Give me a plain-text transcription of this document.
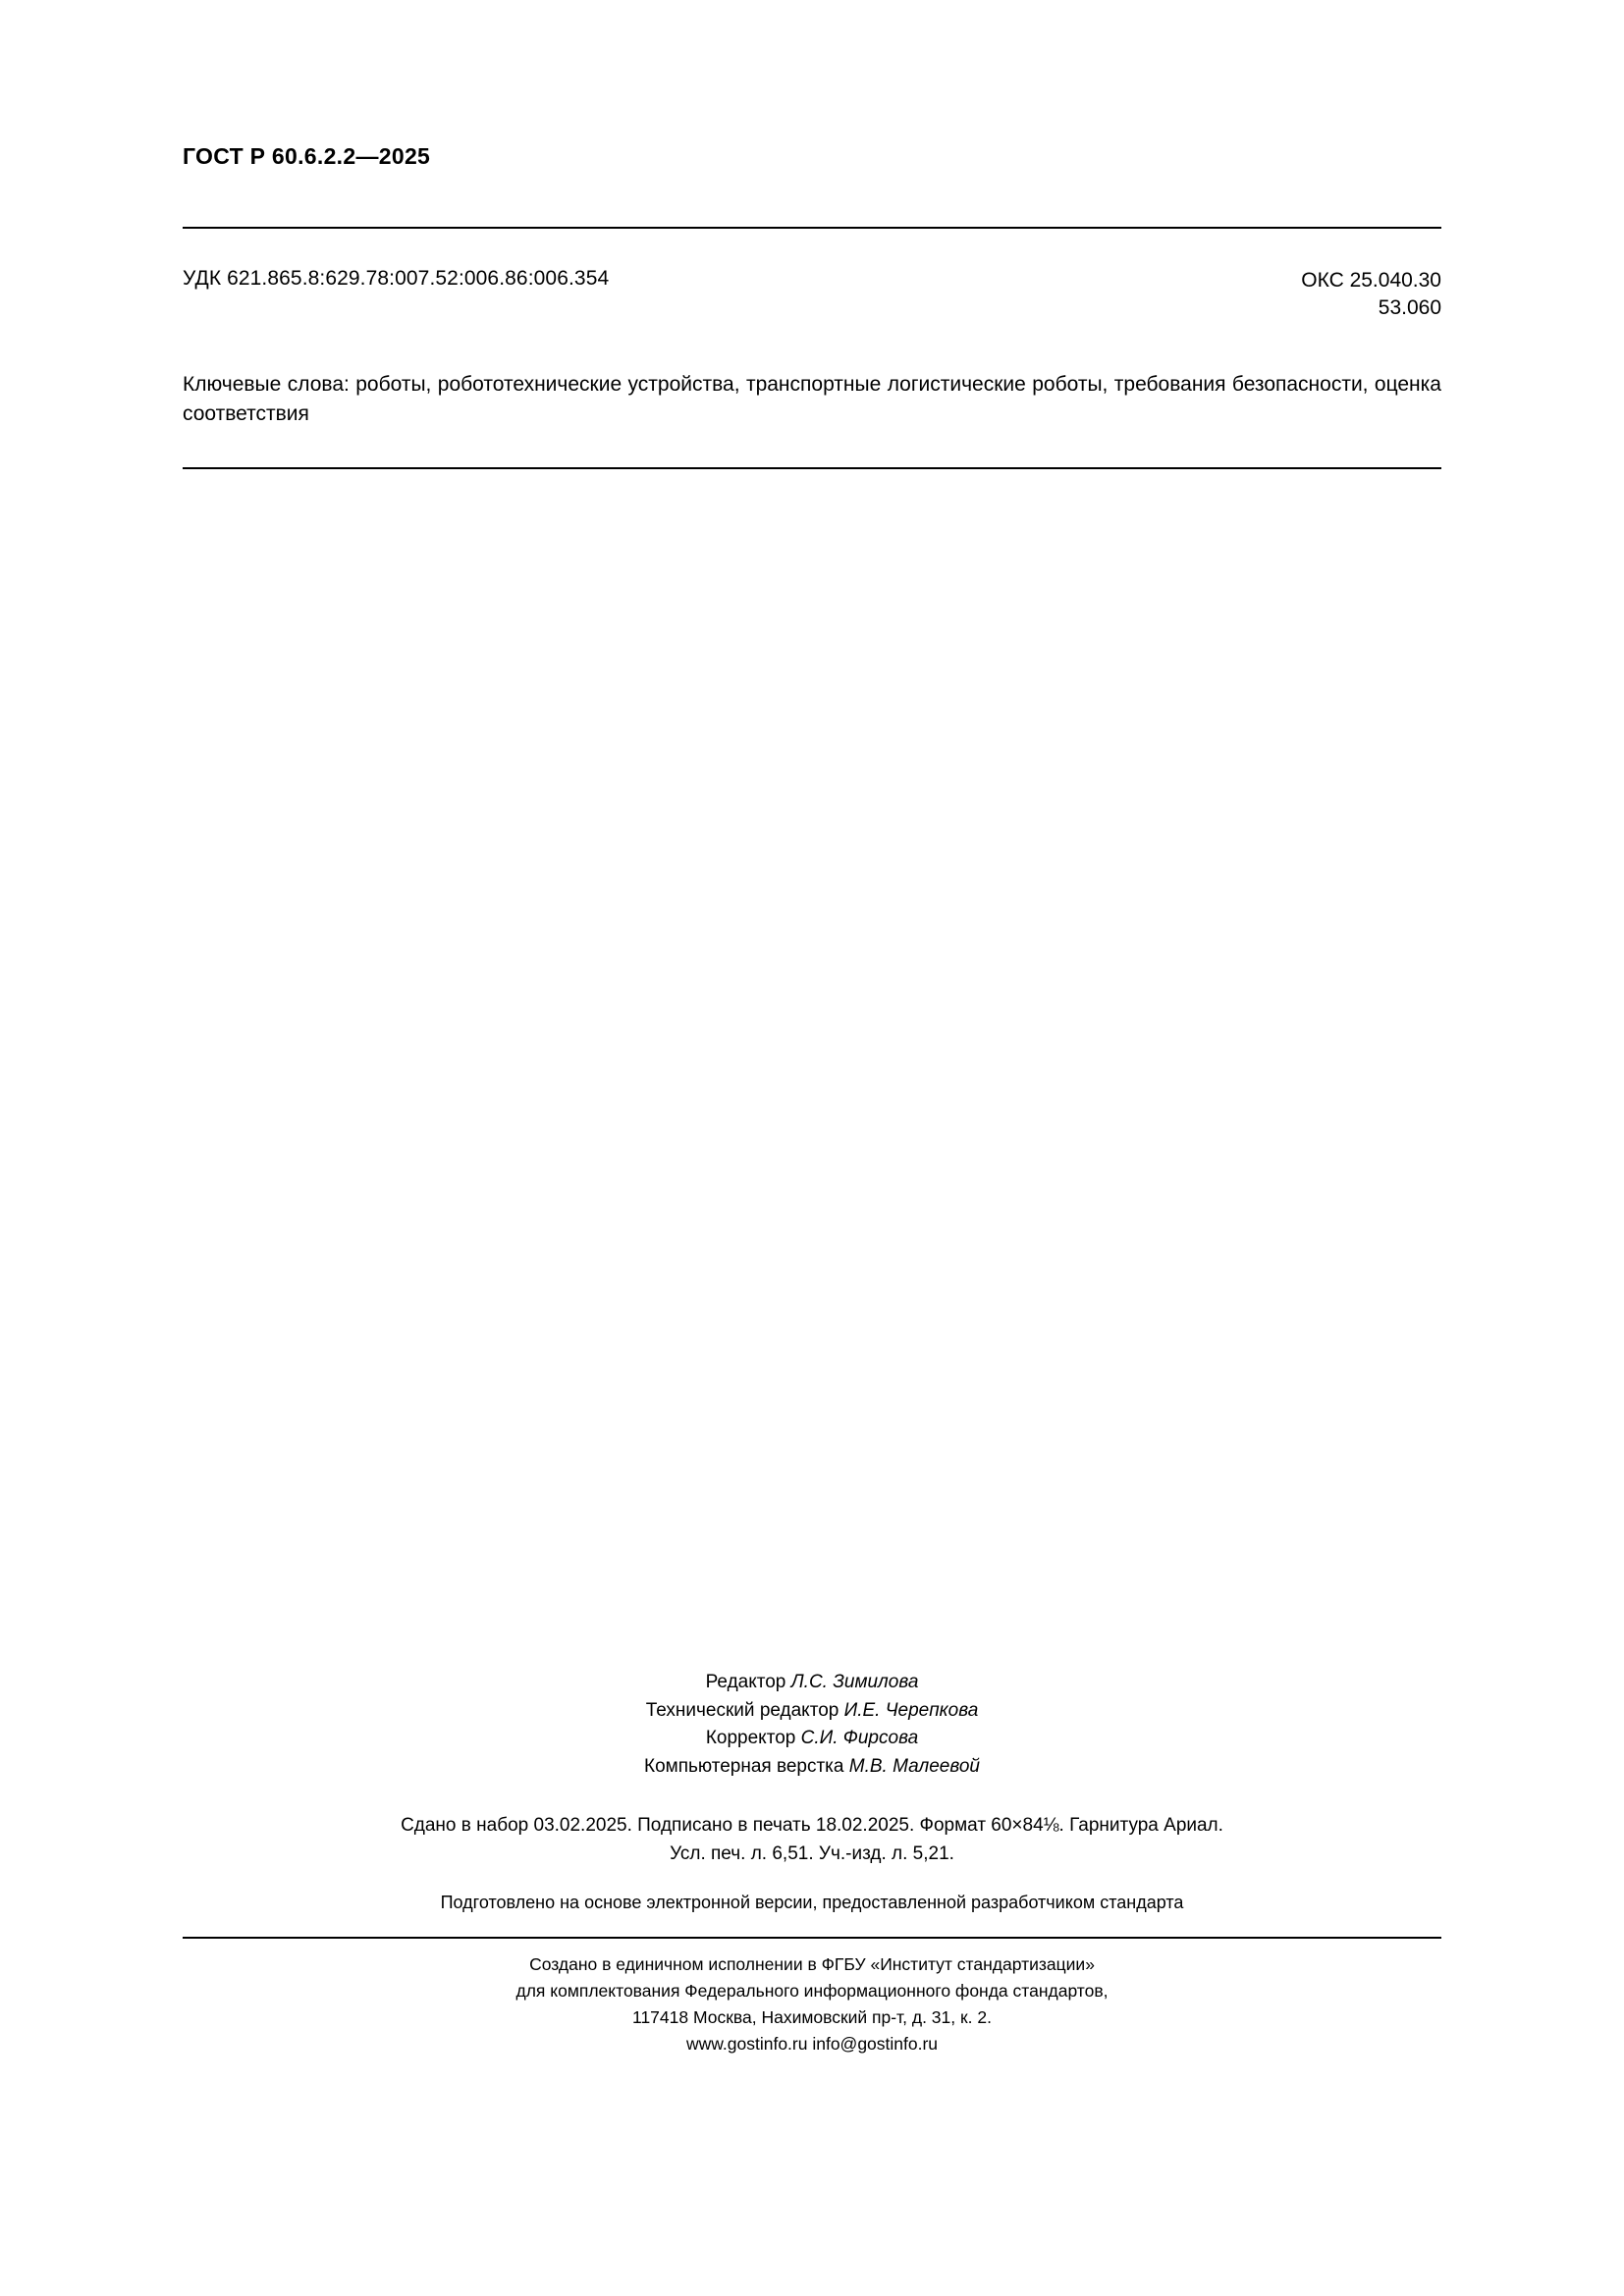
ГОСТ Р 60.6.2.2—2025
УДК 621.865.8:629.78:007.52:006.86:006.354	ОКС 25.040.30
53.060
Ключевые слова: роботы, робототехнические устройства, транспортные логистические роботы, требования безопасности, оценка соответствия
Редактор Л.С. Зимилова
Технический редактор И.Е. Черепкова
Корректор С.И. Фирсова
Компьютерная верстка М.В. Малеевой
Сдано в набор 03.02.2025. Подписано в печать 18.02.2025. Формат 60×84⅛. Гарнитура Ариал.
Усл. печ. л. 6,51. Уч.-изд. л. 5,21.
Подготовлено на основе электронной версии, предоставленной разработчиком стандарта
Создано в единичном исполнении в ФГБУ «Институт стандартизации»
для комплектования Федерального информационного фонда стандартов,
117418 Москва, Нахимовский пр-т, д. 31, к. 2.
www.gostinfo.ru info@gostinfo.ru
